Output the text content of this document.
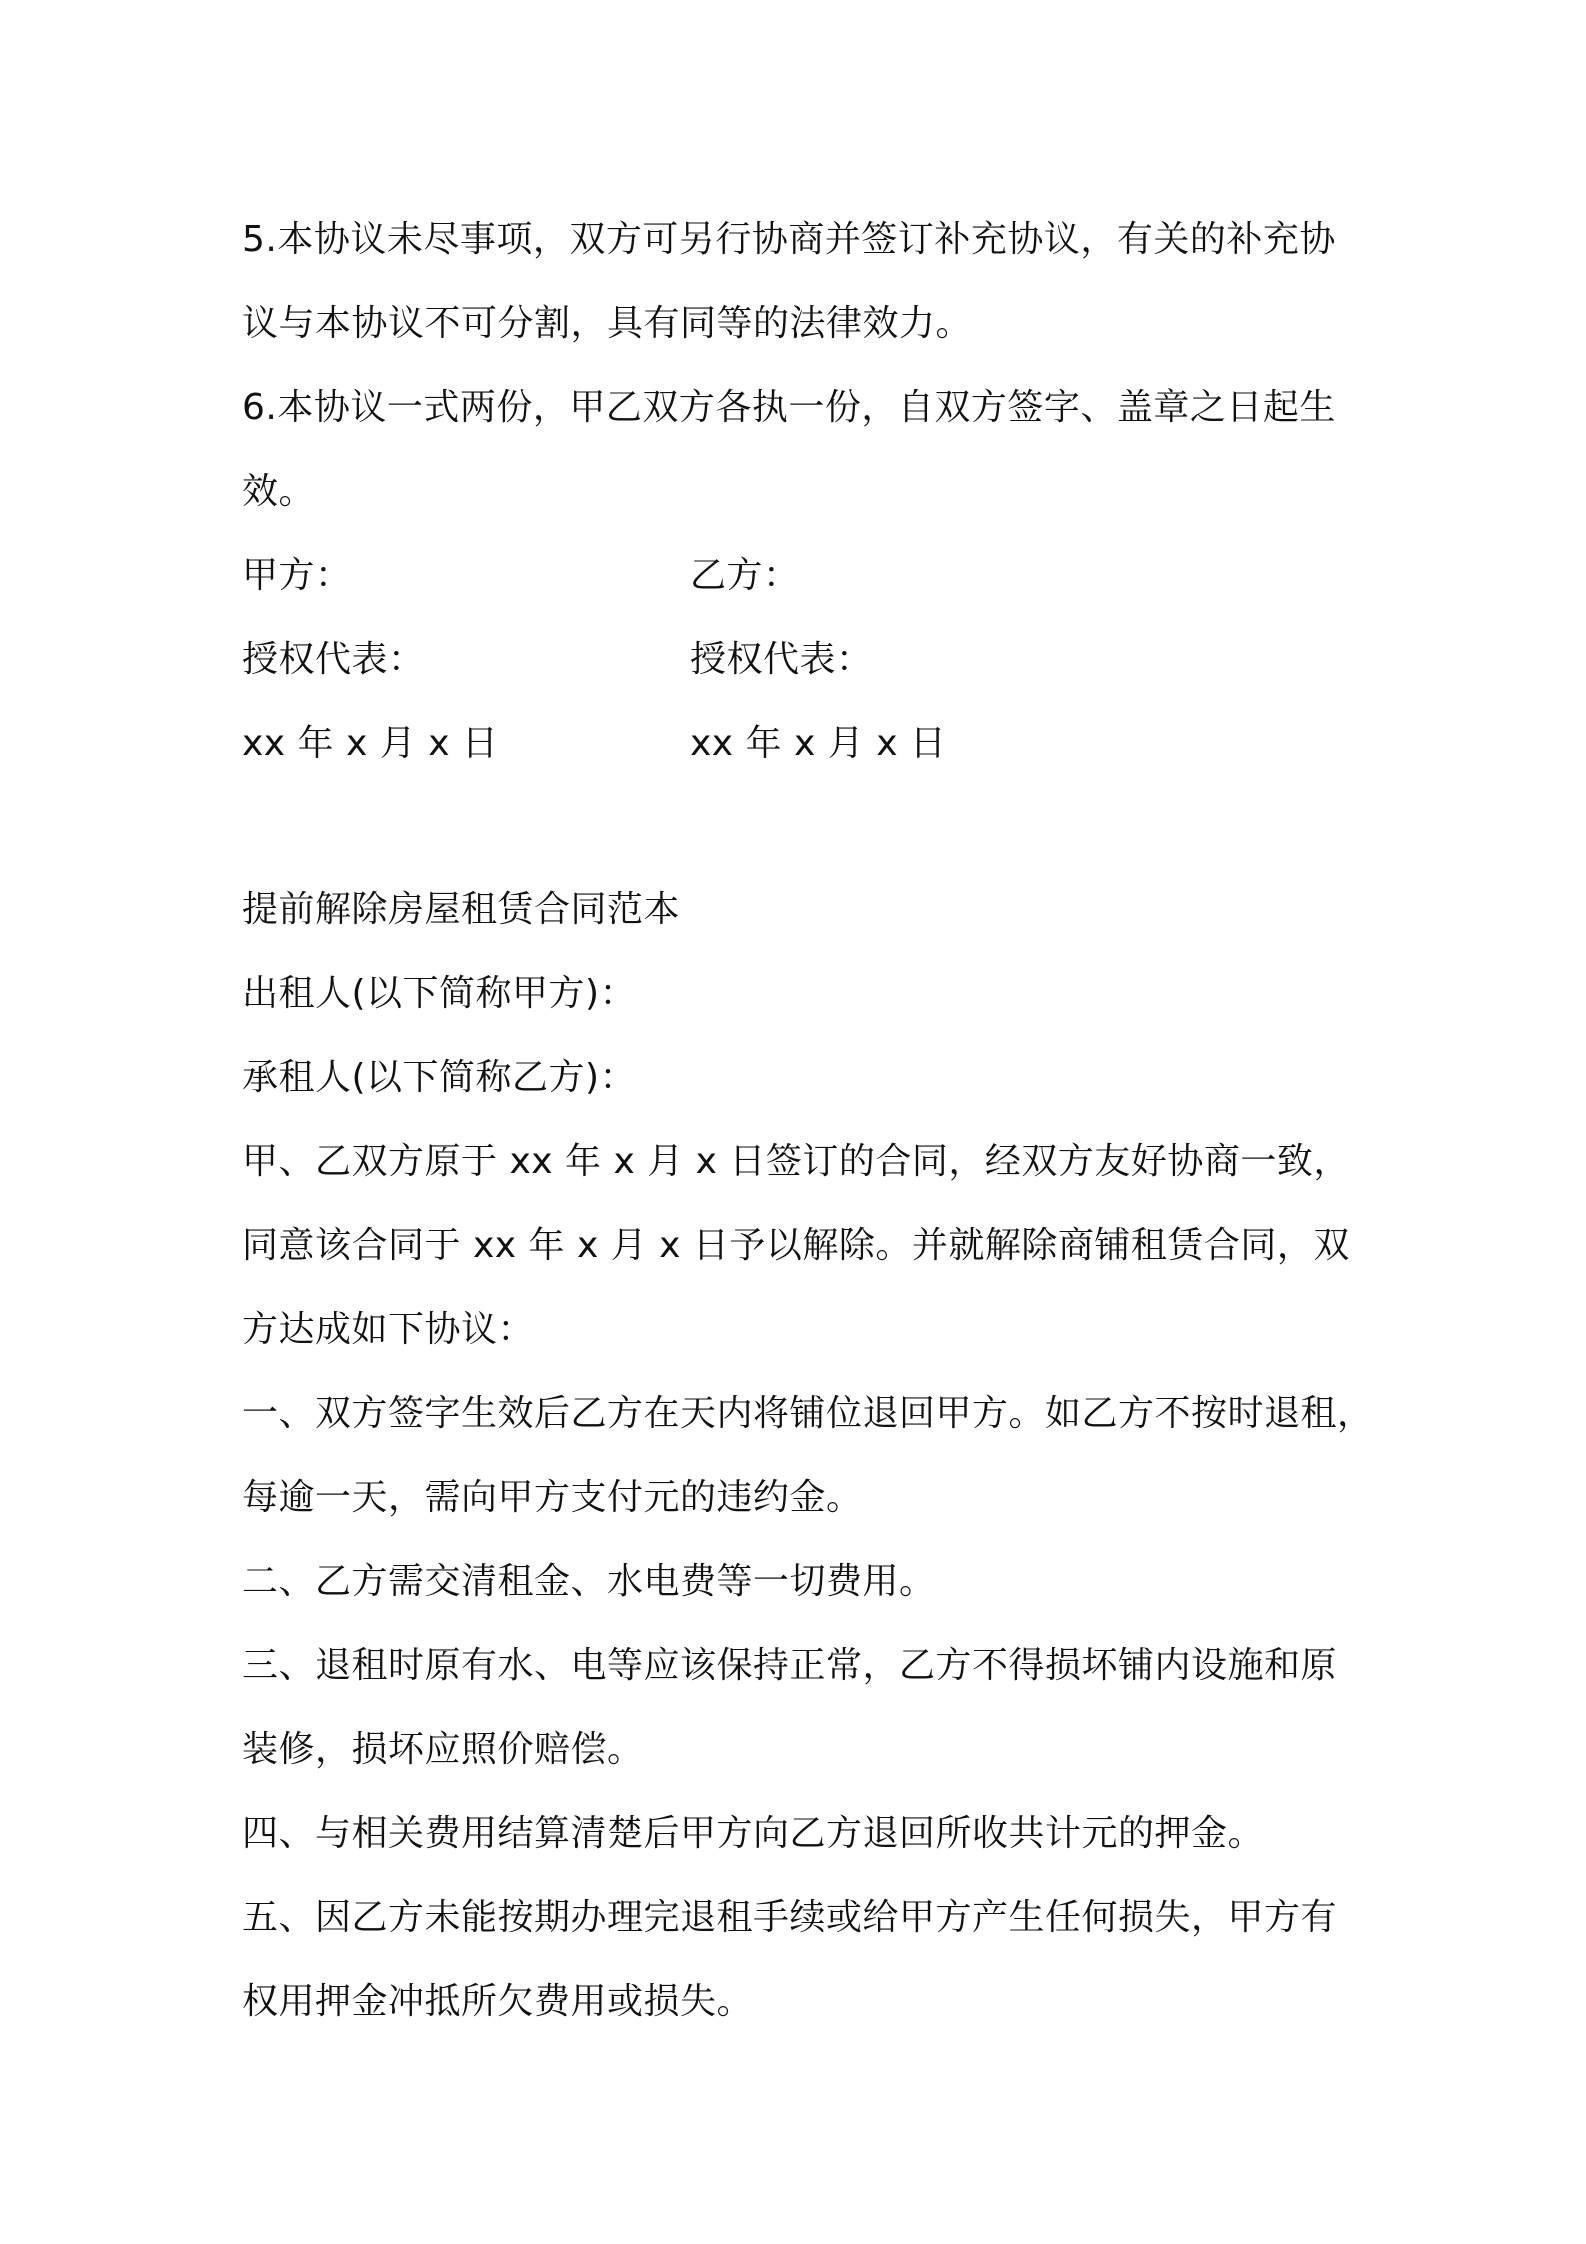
5.本协议未尽事项，双方可另行协商并签订补充协议，有关的补充协
议与本协议不可分割，具有同等的法律效力。
6.本协议一式两份，甲乙双方各执一份，自双方签字、盖章之日起生
效。
甲方：	乙方：
授权代表：	授权代表：
xx 年 x 月 x 日	xx 年 x 月 x 日
提前解除房屋租赁合同范本
出租人(以下简称甲方)：
承租人(以下简称乙方)：
甲、乙双方原于 xx 年 x 月 x 日签订的合同，经双方友好协商一致，
同意该合同于 xx 年 x 月 x 日予以解除。并就解除商铺租赁合同，双
方达成如下协议：
一、双方签字生效后乙方在天内将铺位退回甲方。如乙方不按时退租，
每逾一天，需向甲方支付元的违约金。
二、乙方需交清租金、水电费等一切费用。
三、退租时原有水、电等应该保持正常，乙方不得损坏铺内设施和原
装修，损坏应照价赔偿。
四、与相关费用结算清楚后甲方向乙方退回所收共计元的押金。
五、因乙方未能按期办理完退租手续或给甲方产生任何损失，甲方有
权用押金冲抵所欠费用或损失。
